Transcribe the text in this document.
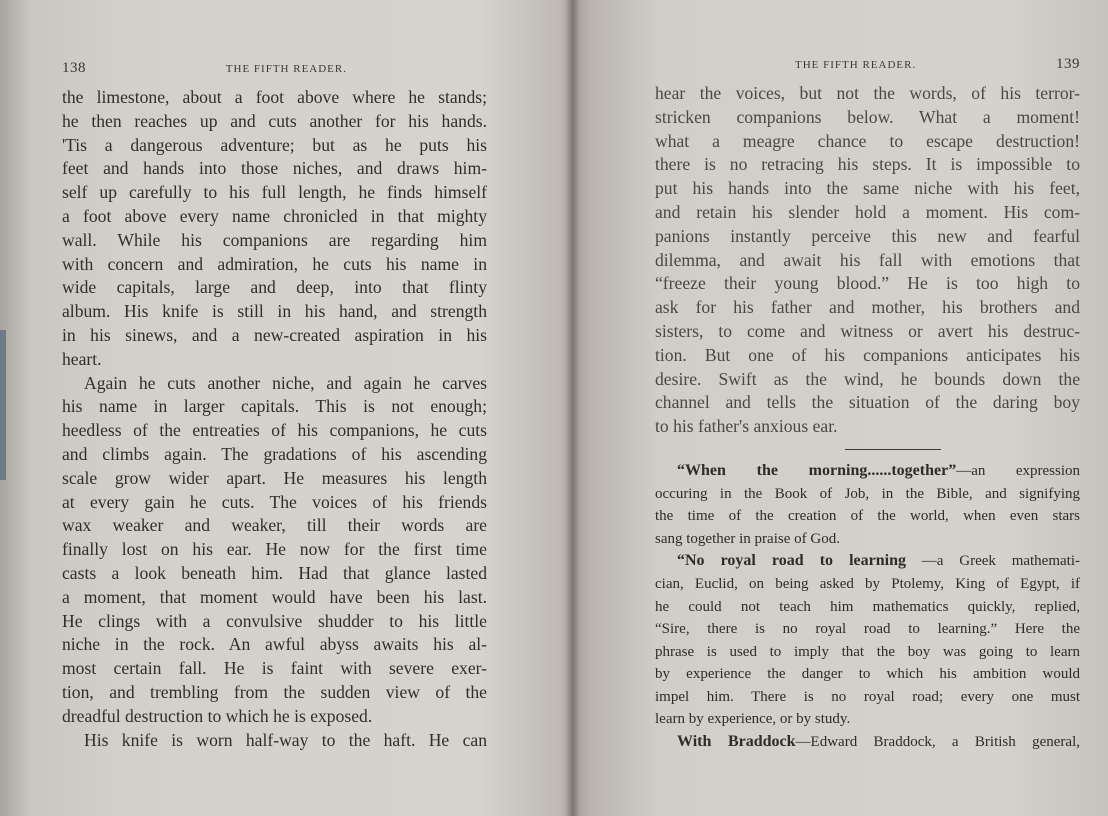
138	THE FIFTH READER.
the limestone, about a foot above where he stands;
he then reaches up and cuts another for his hands.
'Tis a dangerous adventure; but as he puts his
feet and hands into those niches, and draws him-
self up carefully to his full length, he finds himself
a foot above every name chronicled in that mighty
wall. While his companions are regarding him
with concern and admiration, he cuts his name in
wide capitals, large and deep, into that flinty
album. His knife is still in his hand, and strength
in his sinews, and a new-created aspiration in his
heart.
Again he cuts another niche, and again he carves
his name in larger capitals. This is not enough;
heedless of the entreaties of his companions, he cuts
and climbs again. The gradations of his ascending
scale grow wider apart. He measures his length
at every gain he cuts. The voices of his friends
wax weaker and weaker, till their words are
finally lost on his ear. He now for the first time
casts a look beneath him. Had that glance lasted
a moment, that moment would have been his last.
He clings with a convulsive shudder to his little
niche in the rock. An awful abyss awaits his al-
most certain fall. He is faint with severe exer-
tion, and trembling from the sudden view of the
dreadful destruction to which he is exposed.
His knife is worn half-way to the haft. He can
THE FIFTH READER.	139
hear the voices, but not the words, of his terror-
stricken companions below. What a moment!
what a meagre chance to escape destruction!
there is no retracing his steps. It is impossible to
put his hands into the same niche with his feet,
and retain his slender hold a moment. His com-
panions instantly perceive this new and fearful
dilemma, and await his fall with emotions that
“freeze their young blood.” He is too high to
ask for his father and mother, his brothers and
sisters, to come and witness or avert his destruc-
tion. But one of his companions anticipates his
desire. Swift as the wind, he bounds down the
channel and tells the situation of the daring boy
to his father's anxious ear.
“When the morning......together”—an expression
occuring in the Book of Job, in the Bible, and signifying
the time of the creation of the world, when even stars
sang together in praise of God.
“No royal road to learning —a Greek mathemati-
cian, Euclid, on being asked by Ptolemy, King of Egypt, if
he could not teach him mathematics quickly, replied,
“Sire, there is no royal road to learning.” Here the
phrase is used to imply that the boy was going to learn
by experience the danger to which his ambition would
impel him. There is no royal road; every one must
learn by experience, or by study.
With Braddock—Edward Braddock, a British general,
